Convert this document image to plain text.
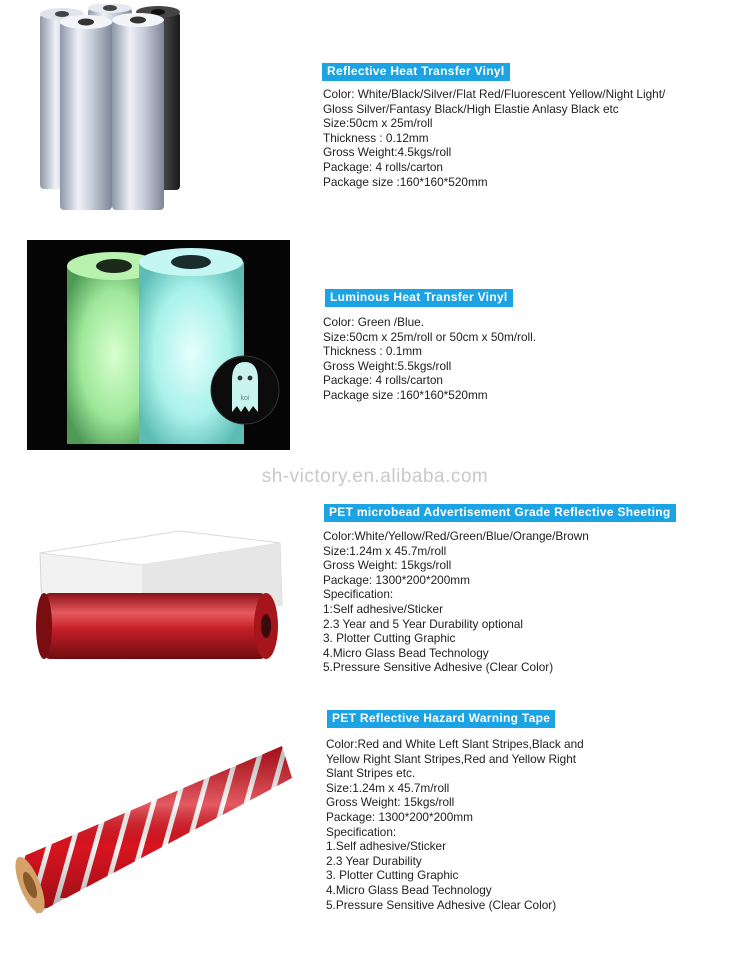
Reflective Heat Transfer Vinyl
Color: White/Black/Silver/Flat Red/Fluorescent Yellow/Night Light/
Gloss Silver/Fantasy Black/High Elastie Anlasy Black etc
Size:50cm x 25m/roll
Thickness : 0.12mm
Gross Weight:4.5kgs/roll
Package: 4 rolls/carton
Package size :160*160*520mm
koi
Luminous Heat Transfer Vinyl
Color: Green /Blue.
Size:50cm x 25m/roll or 50cm x 50m/roll.
Thickness : 0.1mm
Gross Weight:5.5kgs/roll
Package: 4 rolls/carton
Package size :160*160*520mm
sh-victory.en.alibaba.com
PET microbead Advertisement Grade Reflective Sheeting
Color:White/Yellow/Red/Green/Blue/Orange/Brown
Size:1.24m x 45.7m/roll
Gross Weight: 15kgs/roll
Package: 1300*200*200mm
Specification:
1:Self adhesive/Sticker
2.3 Year and 5 Year Durability optional
3. Plotter Cutting Graphic
4.Micro Glass Bead Technology
5.Pressure Sensitive Adhesive (Clear Color)
PET Reflective Hazard Warning Tape
Color:Red and White Left Slant Stripes,Black and
Yellow Right Slant Stripes,Red and Yellow Right
Slant Stripes etc.
Size:1.24m x 45.7m/roll
Gross Weight: 15kgs/roll
Package: 1300*200*200mm
Specification:
1.Self adhesive/Sticker
2.3 Year Durability
3. Plotter Cutting Graphic
4.Micro Glass Bead Technology
5.Pressure Sensitive Adhesive (Clear Color)
